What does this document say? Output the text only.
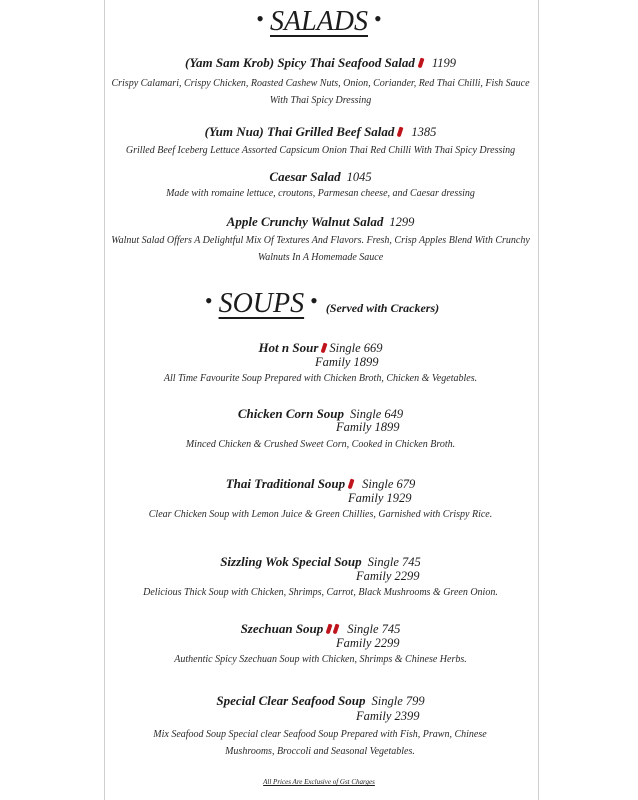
• SALADS •
(Yam Sam Krob) Spicy Thai Seafood Salad 1199
Crispy Calamari, Crispy Chicken, Roasted Cashew Nuts, Onion, Coriander, Red Thai Chilli, Fish Sauce With Thai Spicy Dressing
(Yum Nua) Thai Grilled Beef Salad 1385
Grilled Beef Iceberg Lettuce Assorted Capsicum Onion Thai Red Chilli With Thai Spicy Dressing
Caesar Salad 1045
Made with romaine lettuce, croutons, Parmesan cheese, and Caesar dressing
Apple Crunchy Walnut Salad 1299
Walnut Salad Offers A Delightful Mix Of Textures And Flavors. Fresh, Crisp Apples Blend With Crunchy Walnuts In A Homemade Sauce
• SOUPS • (Served with Crackers)
Hot n Sour Single 669
Family 1899
All Time Favourite Soup Prepared with Chicken Broth, Chicken & Vegetables.
Chicken Corn Soup Single 649
Family 1899
Minced Chicken & Crushed Sweet Corn, Cooked in Chicken Broth.
Thai Traditional Soup Single 679
Family 1929
Clear Chicken Soup with Lemon Juice & Green Chillies, Garnished with Crispy Rice.
Sizzling Wok Special Soup Single 745
Family 2299
Delicious Thick Soup with Chicken, Shrimps, Carrot, Black Mushrooms & Green Onion.
Szechuan Soup Single 745
Family 2299
Authentic Spicy Szechuan Soup with Chicken, Shrimps & Chinese Herbs.
Special Clear Seafood Soup Single 799
Family 2399
Mix Seafood Soup Special clear Seafood Soup Prepared with Fish, Prawn, Chinese Mushrooms, Broccoli and Seasonal Vegetables.
All Prices Are Exclusive of Gst Charges
